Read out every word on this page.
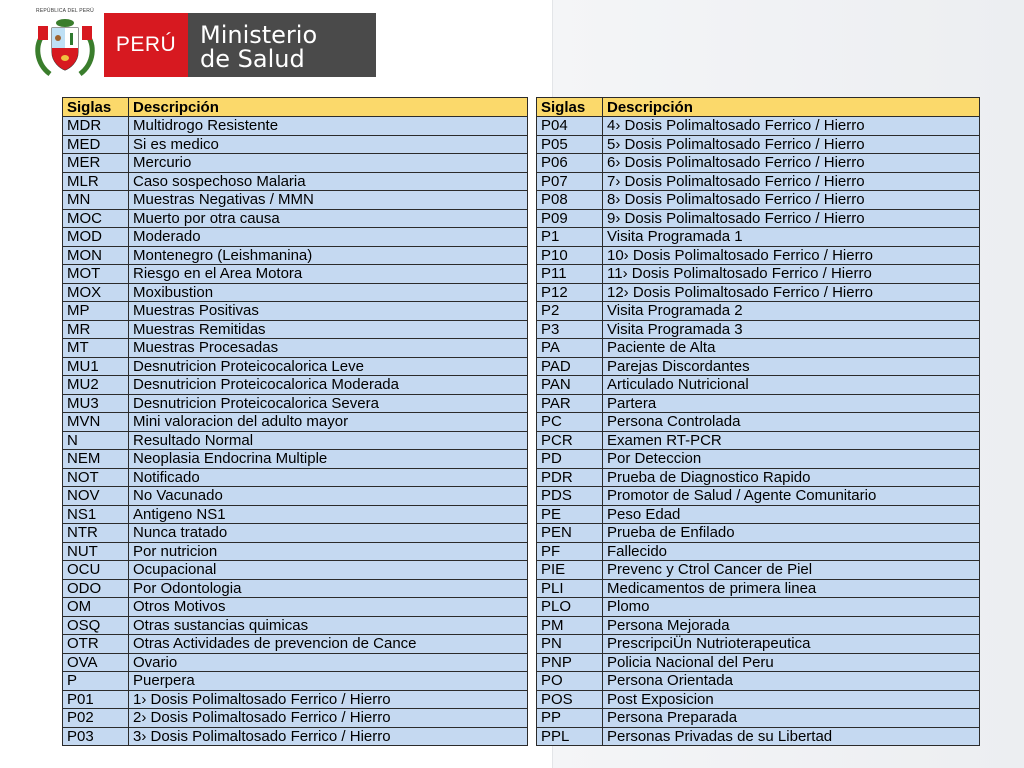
REPÚBLICA DEL PERÚ
PERÚ Ministerio
de Salud
Siglas	Descripción
MDR	Multidrogo Resistente
MED	Si es medico
MER	Mercurio
MLR	Caso sospechoso Malaria
MN	Muestras Negativas / MMN
MOC	Muerto por otra causa
MOD	Moderado
MON	Montenegro (Leishmanina)
MOT	Riesgo en el Area Motora
MOX	Moxibustion
MP	Muestras Positivas
MR	Muestras Remitidas
MT	Muestras Procesadas
MU1	Desnutricion Proteicocalorica Leve
MU2	Desnutricion Proteicocalorica Moderada
MU3	Desnutricion Proteicocalorica Severa
MVN	Mini valoracion del adulto mayor
N	Resultado Normal
NEM	Neoplasia Endocrina Multiple
NOT	Notificado
NOV	No Vacunado
NS1	Antigeno NS1
NTR	Nunca tratado
NUT	Por nutricion
OCU	Ocupacional
ODO	Por Odontologia
OM	Otros Motivos
OSQ	Otras sustancias quimicas
OTR	Otras Actividades de prevencion de Cance
OVA	Ovario
P	Puerpera
P01	1› Dosis Polimaltosado Ferrico / Hierro
P02	2› Dosis Polimaltosado Ferrico / Hierro
P03	3› Dosis Polimaltosado Ferrico / Hierro
Siglas	Descripción
P04	4› Dosis Polimaltosado Ferrico / Hierro
P05	5› Dosis Polimaltosado Ferrico / Hierro
P06	6› Dosis Polimaltosado Ferrico / Hierro
P07	7› Dosis Polimaltosado Ferrico / Hierro
P08	8› Dosis Polimaltosado Ferrico / Hierro
P09	9› Dosis Polimaltosado Ferrico / Hierro
P1	Visita Programada 1
P10	10› Dosis Polimaltosado Ferrico / Hierro
P11	11› Dosis Polimaltosado Ferrico / Hierro
P12	12› Dosis Polimaltosado Ferrico / Hierro
P2	Visita Programada 2
P3	Visita Programada 3
PA	Paciente de Alta
PAD	Parejas Discordantes
PAN	Articulado Nutricional
PAR	Partera
PC	Persona Controlada
PCR	Examen RT-PCR
PD	Por Deteccion
PDR	Prueba de Diagnostico Rapido
PDS	Promotor de Salud / Agente Comunitario
PE	Peso Edad
PEN	Prueba de Enfilado
PF	Fallecido
PIE	Prevenc y Ctrol Cancer de Piel
PLI	Medicamentos de primera linea
PLO	Plomo
PM	Persona Mejorada
PN	PrescripciÜn Nutrioterapeutica
PNP	Policia Nacional del Peru
PO	Persona Orientada
POS	Post Exposicion
PP	Persona Preparada
PPL	Personas Privadas de su Libertad
